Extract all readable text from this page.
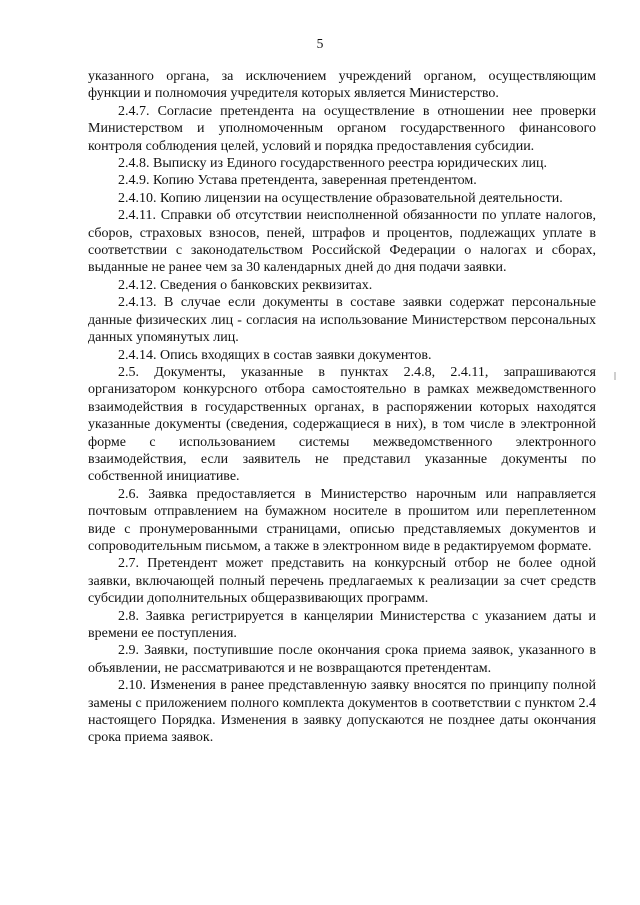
5

указанного органа, за исключением учреждений органом, осуществляющим функции и полномочия учредителя которых является Министерство.

2.4.7. Согласие претендента на осуществление в отношении нее проверки Министерством и уполномоченным органом государственного финансового контроля соблюдения целей, условий и порядка предоставления субсидии.

2.4.8. Выписку из Единого государственного реестра юридических лиц.

2.4.9. Копию Устава претендента, заверенная претендентом.

2.4.10. Копию лицензии на осуществление образовательной деятельности.

2.4.11. Справки об отсутствии неисполненной обязанности по уплате налогов, сборов, страховых взносов, пеней, штрафов и процентов, подлежащих уплате в соответствии с законодательством Российской Федерации о налогах и сборах, выданные не ранее чем за 30 календарных дней до дня подачи заявки.

2.4.12. Сведения о банковских реквизитах.

2.4.13. В случае если документы в составе заявки содержат персональные данные физических лиц - согласия на использование Министерством персональных данных упомянутых лиц.

2.4.14. Опись входящих в состав заявки документов.

2.5. Документы, указанные в пунктах 2.4.8, 2.4.11, запрашиваются организатором конкурсного отбора самостоятельно в рамках межведомственного взаимодействия в государственных органах, в распоряжении которых находятся указанные документы (сведения, содержащиеся в них), в том числе в электронной форме с использованием системы межведомственного электронного взаимодействия, если заявитель не представил указанные документы по собственной инициативе.

2.6. Заявка предоставляется в Министерство нарочным или направляется почтовым отправлением на бумажном носителе в прошитом или переплетенном виде с пронумерованными страницами, описью представляемых документов и сопроводительным письмом, а также в электронном виде в редактируемом формате.

2.7. Претендент может представить на конкурсный отбор не более одной заявки, включающей полный перечень предлагаемых к реализации за счет средств субсидии дополнительных общеразвивающих программ.

2.8. Заявка регистрируется в канцелярии Министерства с указанием даты и времени ее поступления.

2.9. Заявки, поступившие после окончания срока приема заявок, указанного в объявлении, не рассматриваются и не возвращаются претендентам.

2.10. Изменения в ранее представленную заявку вносятся по принципу полной замены с приложением полного комплекта документов в соответствии с пунктом 2.4 настоящего Порядка. Изменения в заявку допускаются не позднее даты окончания срока приема заявок.
